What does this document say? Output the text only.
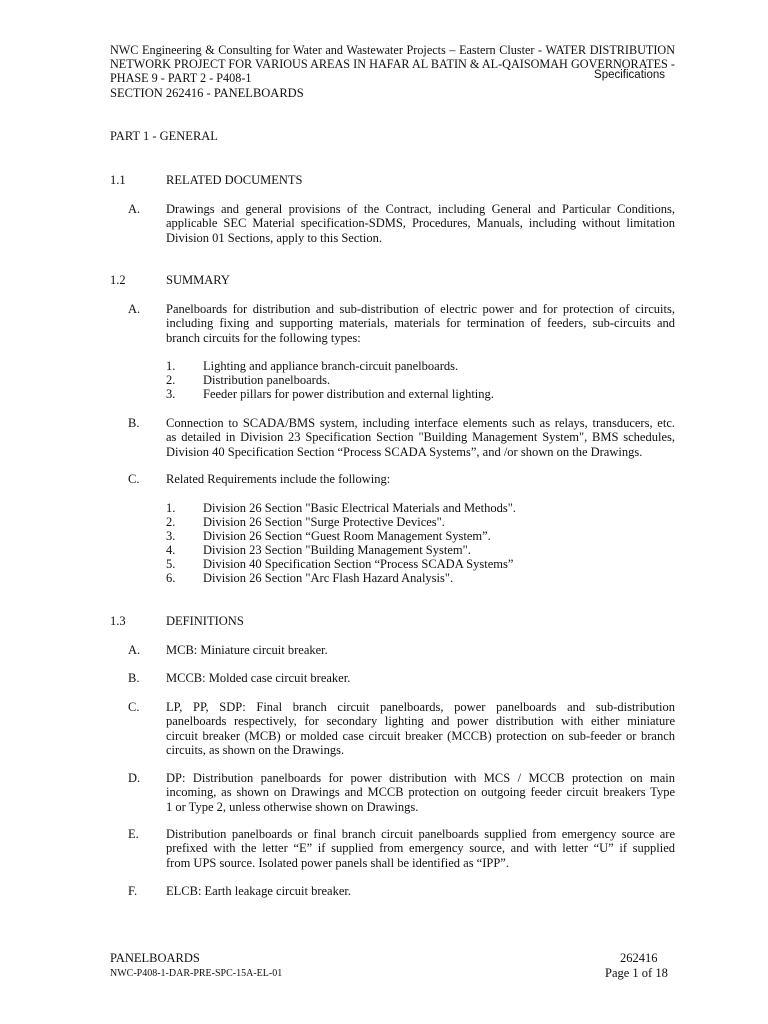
NWC Engineering & Consulting for Water and Wastewater Projects – Eastern Cluster - WATER DISTRIBUTION
NETWORK PROJECT FOR VARIOUS AREAS IN HAFAR AL BATIN & AL-QAISOMAH GOVERNORATES -
PHASE 9 - PART 2 - P408-1	Specifications
SECTION 262416 - PANELBOARDS
PART 1 - GENERAL
1.1	RELATED DOCUMENTS
A. Drawings and general provisions of the Contract, including General and Particular Conditions,
applicable SEC Material specification-SDMS, Procedures, Manuals, including without limitation
Division 01 Sections, apply to this Section.
1.2	SUMMARY
A. Panelboards for distribution and sub-distribution of electric power and for protection of circuits,
including fixing and supporting materials, materials for termination of feeders, sub-circuits and
branch circuits for the following types:
1. Lighting and appliance branch-circuit panelboards.
2. Distribution panelboards.
3. Feeder pillars for power distribution and external lighting.
B. Connection to SCADA/BMS system, including interface elements such as relays, transducers, etc.
as detailed in Division 23 Specification Section "Building Management System", BMS schedules,
Division 40 Specification Section “Process SCADA Systems”, and /or shown on the Drawings.
C. Related Requirements include the following:
1. Division 26 Section "Basic Electrical Materials and Methods".
2. Division 26 Section "Surge Protective Devices".
3. Division 26 Section “Guest Room Management System”.
4. Division 23 Section "Building Management System".
5. Division 40 Specification Section “Process SCADA Systems”
6. Division 26 Section "Arc Flash Hazard Analysis".
1.3	DEFINITIONS
A. MCB: Miniature circuit breaker.
B. MCCB: Molded case circuit breaker.
C. LP, PP, SDP: Final branch circuit panelboards, power panelboards and sub-distribution
panelboards respectively, for secondary lighting and power distribution with either miniature
circuit breaker (MCB) or molded case circuit breaker (MCCB) protection on sub-feeder or branch
circuits, as shown on the Drawings.
D. DP: Distribution panelboards for power distribution with MCS / MCCB protection on main
incoming, as shown on Drawings and MCCB protection on outgoing feeder circuit breakers Type
1 or Type 2, unless otherwise shown on Drawings.
E. Distribution panelboards or final branch circuit panelboards supplied from emergency source are
prefixed with the letter “E” if supplied from emergency source, and with letter “U” if supplied
from UPS source. Isolated power panels shall be identified as “IPP”.
F. ELCB: Earth leakage circuit breaker.
PANELBOARDS
NWC-P408-1-DAR-PRE-SPC-15A-EL-01
262416
Page 1 of 18
